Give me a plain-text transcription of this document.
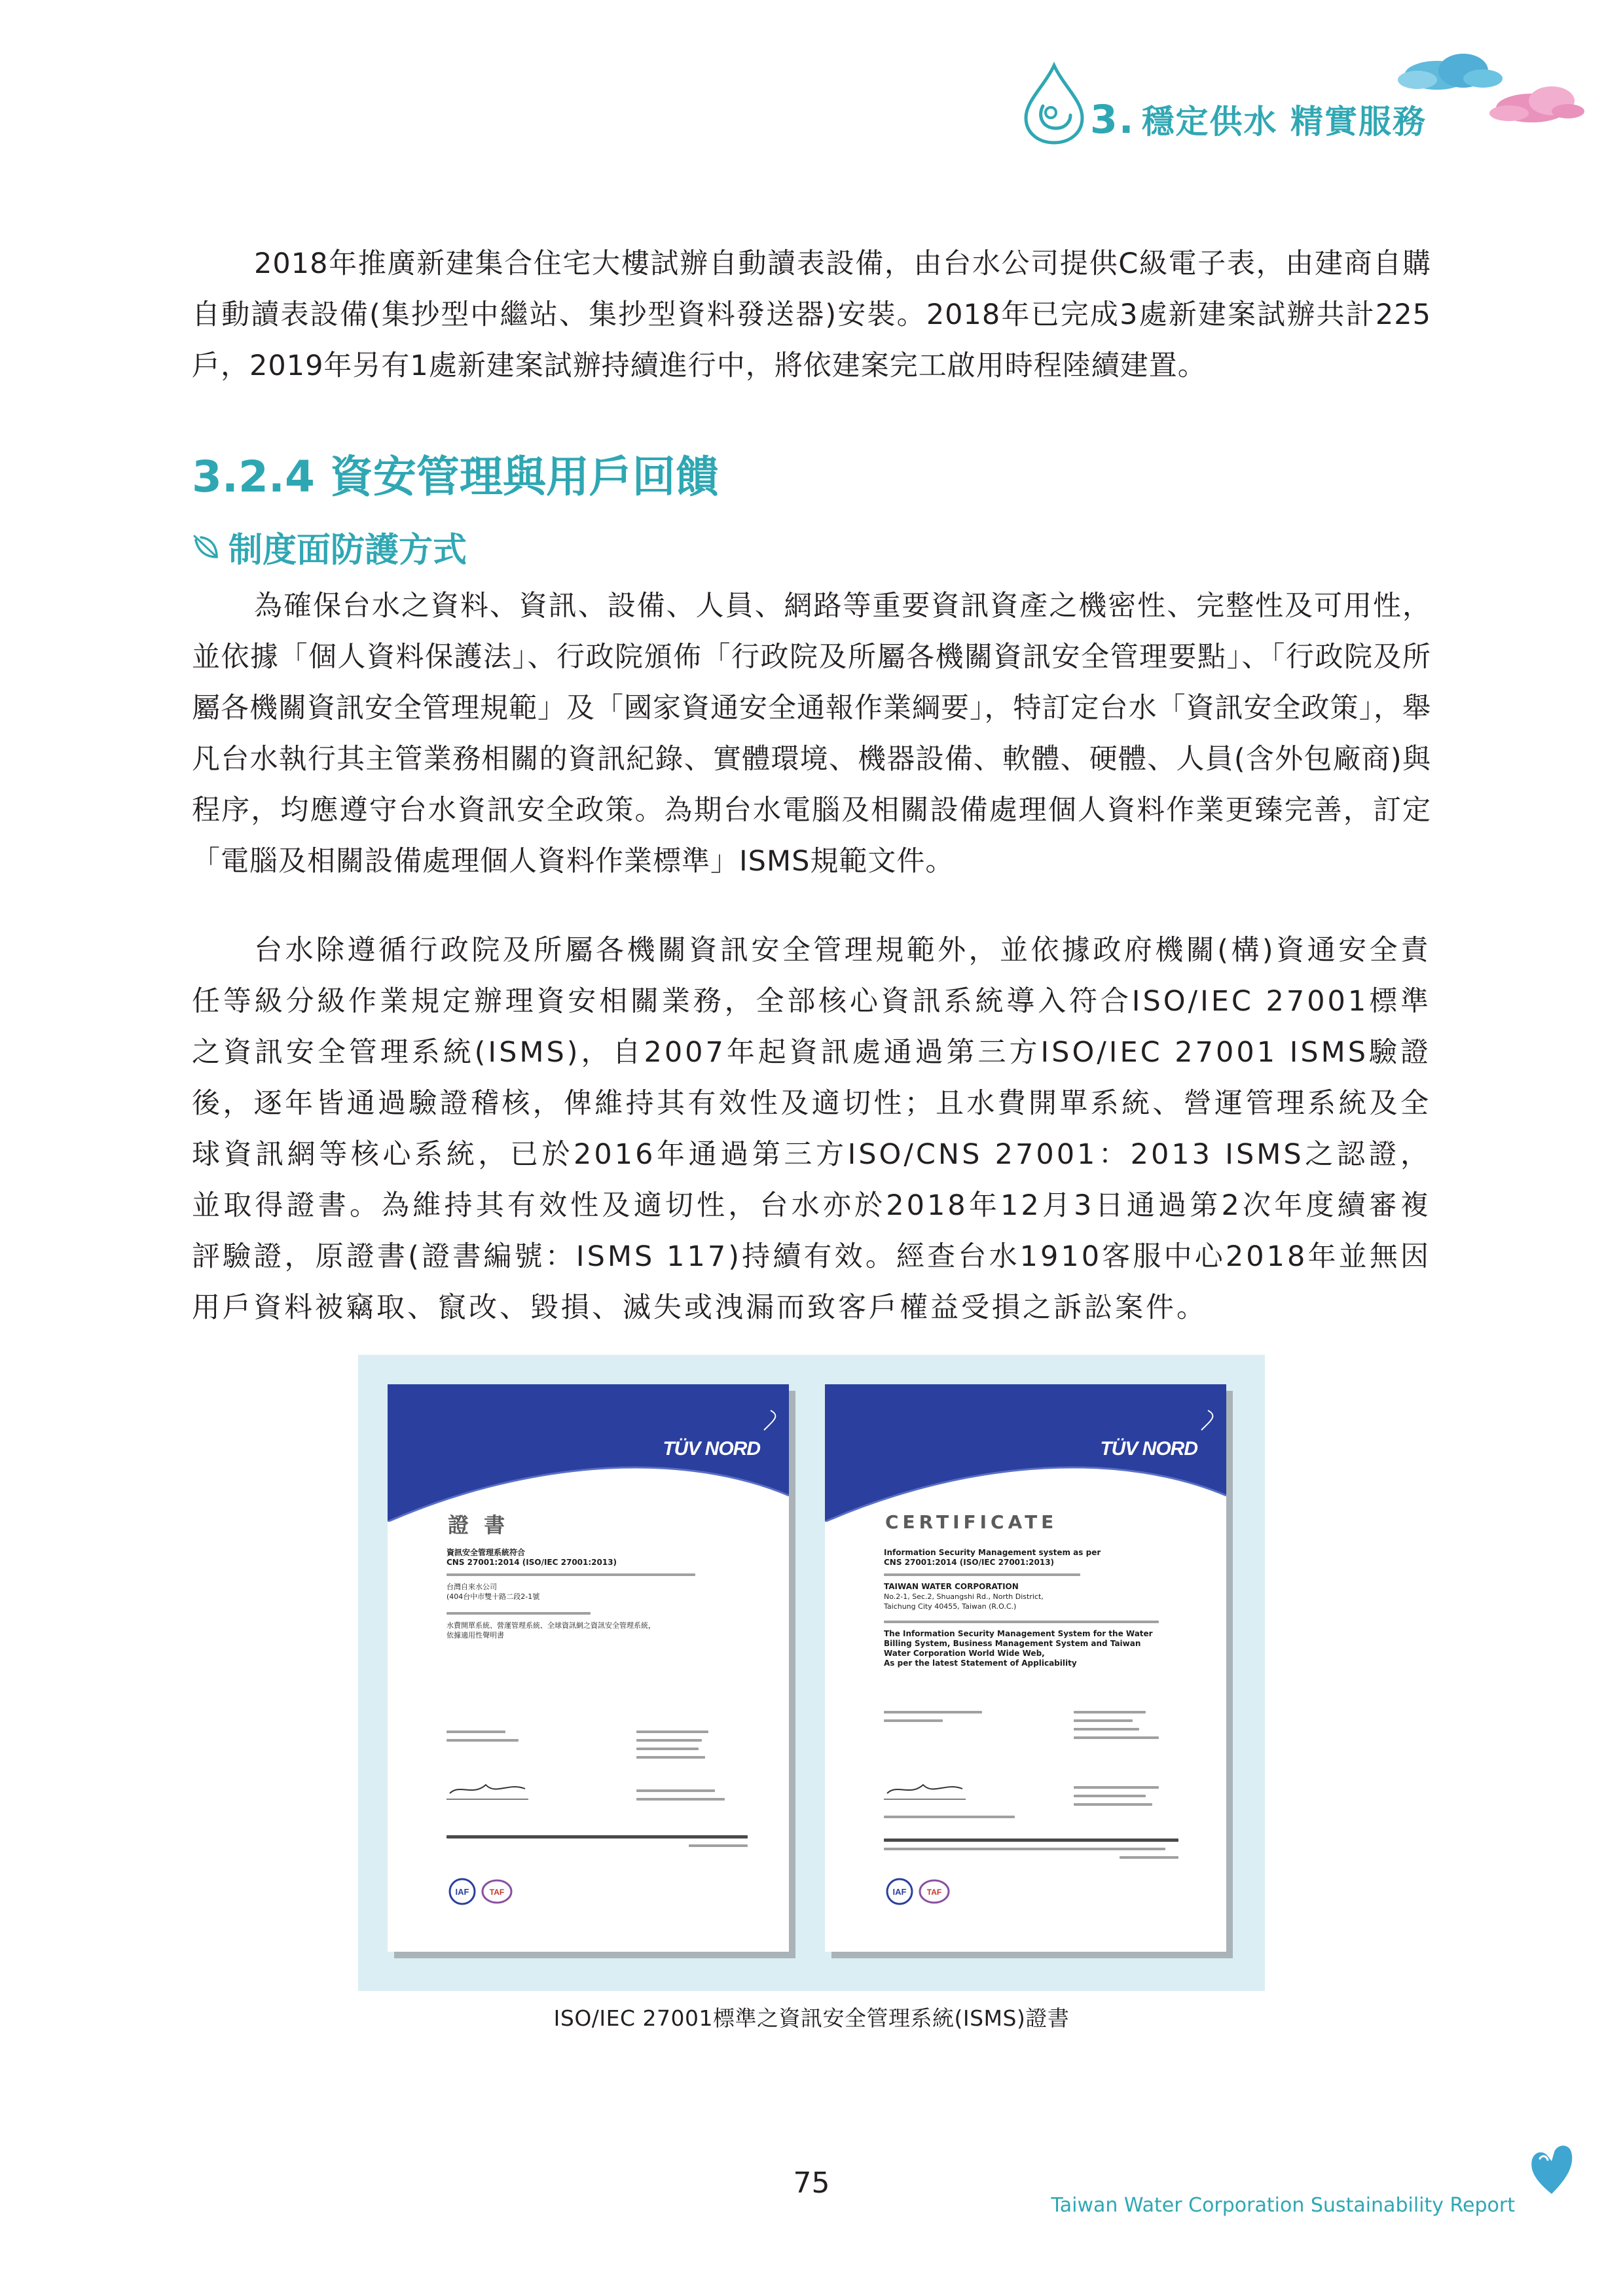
3. 穩定供水 精實服務
2018年推廣新建集合住宅大樓試辦自動讀表設備，由台水公司提供C級電子表，由建商自購自動讀表設備(集抄型中繼站、集抄型資料發送器)安裝。2018年已完成3處新建案試辦共計225戶，2019年另有1處新建案試辦持續進行中，將依建案完工啟用時程陸續建置。
3.2.4 資安管理與用戶回饋
制度面防護方式
為確保台水之資料、資訊、設備、人員、網路等重要資訊資產之機密性、完整性及可用性，並依據「個人資料保護法」、行政院頒佈「行政院及所屬各機關資訊安全管理要點」、「行政院及所屬各機關資訊安全管理規範」及「國家資通安全通報作業綱要」，特訂定台水「資訊安全政策」，舉凡台水執行其主管業務相關的資訊紀錄、實體環境、機器設備、軟體、硬體、人員(含外包廠商)與程序，均應遵守台水資訊安全政策。為期台水電腦及相關設備處理個人資料作業更臻完善，訂定「電腦及相關設備處理個人資料作業標準」ISMS規範文件。
台水除遵循行政院及所屬各機關資訊安全管理規範外，並依據政府機關(構)資通安全責任等級分級作業規定辦理資安相關業務，全部核心資訊系統導入符合ISO/IEC 27001標準之資訊安全管理系統(ISMS)，自2007年起資訊處通過第三方ISO/IEC 27001 ISMS驗證後，逐年皆通過驗證稽核，俾維持其有效性及適切性；且水費開單系統、營運管理系統及全球資訊網等核心系統，已於2016年通過第三方ISO/CNS 27001：2013 ISMS之認證，並取得證書。為維持其有效性及適切性，台水亦於2018年12月3日通過第2次年度續審複評驗證，原證書(證書編號：ISMS 117)持續有效。經查台水1910客服中心2018年並無因用戶資料被竊取、竄改、毀損、滅失或洩漏而致客戶權益受損之訴訟案件。
TÜV NORD
證 書
資訊安全管理系統符合
CNS 27001:2014 (ISO/IEC 27001:2013)
台灣自來水公司
(404台中市雙十路二段2-1號
水費開單系統、營運管理系統、全球資訊網之資訊安全管理系統，
依據適用性聲明書
IAF	TAF
TÜV NORD
CERTIFICATE
Information Security Management system as per
CNS 27001:2014 (ISO/IEC 27001:2013)
TAIWAN WATER CORPORATION
No.2-1, Sec.2, Shuangshi Rd., North District,
Taichung City 40455, Taiwan (R.O.C.)
The Information Security Management System for the Water
Billing System, Business Management System and Taiwan
Water Corporation World Wide Web,
As per the latest Statement of Applicability
IAF	TAF
ISO/IEC 27001標準之資訊安全管理系統(ISMS)證書
75
Taiwan Water Corporation Sustainability Report
